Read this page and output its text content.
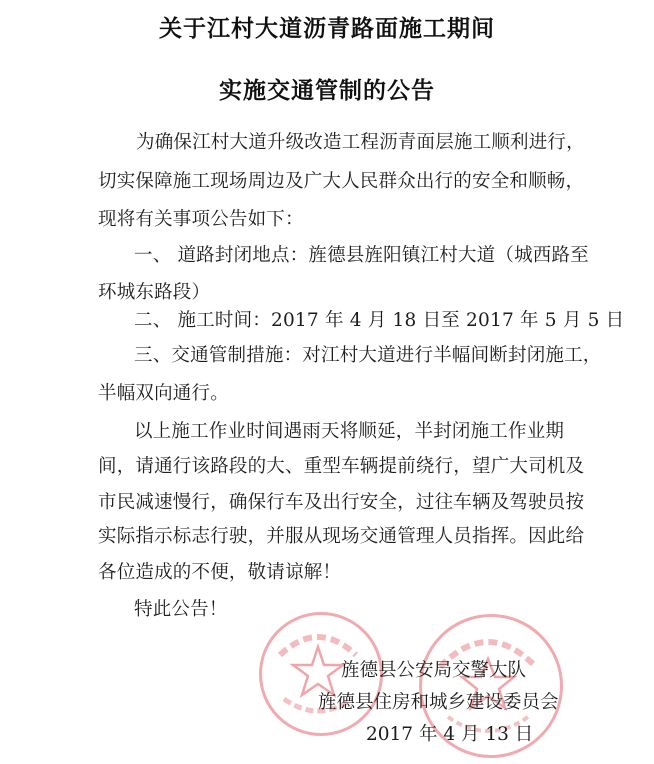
关于江村大道沥青路面施工期间
实施交通管制的公告
为确保江村大道升级改造工程沥青面层施工顺利进行，
切实保障施工现场周边及广大人民群众出行的安全和顺畅，
现将有关事项公告如下：
一、 道路封闭地点：旌德县旌阳镇江村大道（城西路至
环城东路段）
二、 施工时间：2017 年 4 月 18 日至 2017 年 5 月 5 日
三、交通管制措施：对江村大道进行半幅间断封闭施工，
半幅双向通行。
以上施工作业时间遇雨天将顺延，半封闭施工作业期
间，请通行该路段的大、重型车辆提前绕行，望广大司机及
市民减速慢行，确保行车及出行安全，过往车辆及驾驶员按
实际指示标志行驶，并服从现场交通管理人员指挥。因此给
各位造成的不便，敬请谅解！
特此公告！
旌德县公安局交警大队
旌德县住房和城乡建设委员会
2017 年 4 月 13 日
